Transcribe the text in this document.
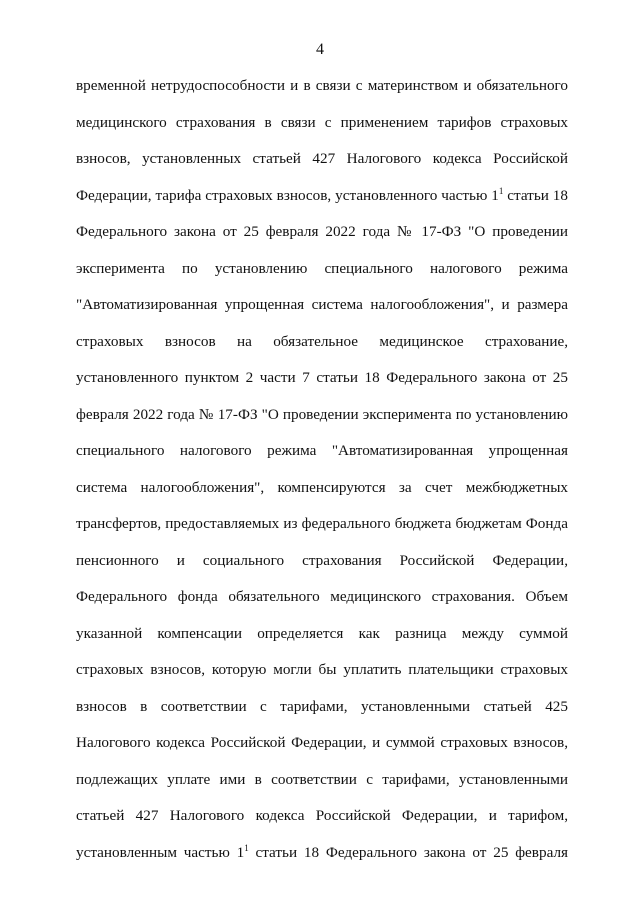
4
временной нетрудоспособности и в связи с материнством и обязательного
медицинского страхования в связи с применением тарифов страховых
взносов, установленных статьей 427 Налогового кодекса Российской
Федерации, тарифа страховых взносов, установленного частью $1^1$ статьи 18
Федерального закона от 25 февраля 2022 года № 17-ФЗ "О проведении
эксперимента по установлению специального налогового режима
"Автоматизированная упрощенная система налогообложения", и размера
страховых взносов на обязательное медицинское страхование,
установленного пунктом 2 части 7 статьи 18 Федерального закона от 25
февраля 2022 года № 17-ФЗ "О проведении эксперимента по установлению
специального налогового режима "Автоматизированная упрощенная
система налогообложения", компенсируются за счет межбюджетных
трансфертов, предоставляемых из федерального бюджета бюджетам Фонда
пенсионного и социального страхования Российской Федерации,
Федерального фонда обязательного медицинского страхования. Объем
указанной компенсации определяется как разница между суммой
страховых взносов, которую могли бы уплатить плательщики страховых
взносов в соответствии с тарифами, установленными статьей 425
Налогового кодекса Российской Федерации, и суммой страховых взносов,
подлежащих уплате ими в соответствии с тарифами, установленными
статьей 427 Налогового кодекса Российской Федерации, и тарифом,
установленным частью $1^1$ статьи 18 Федерального закона от 25 февраля
